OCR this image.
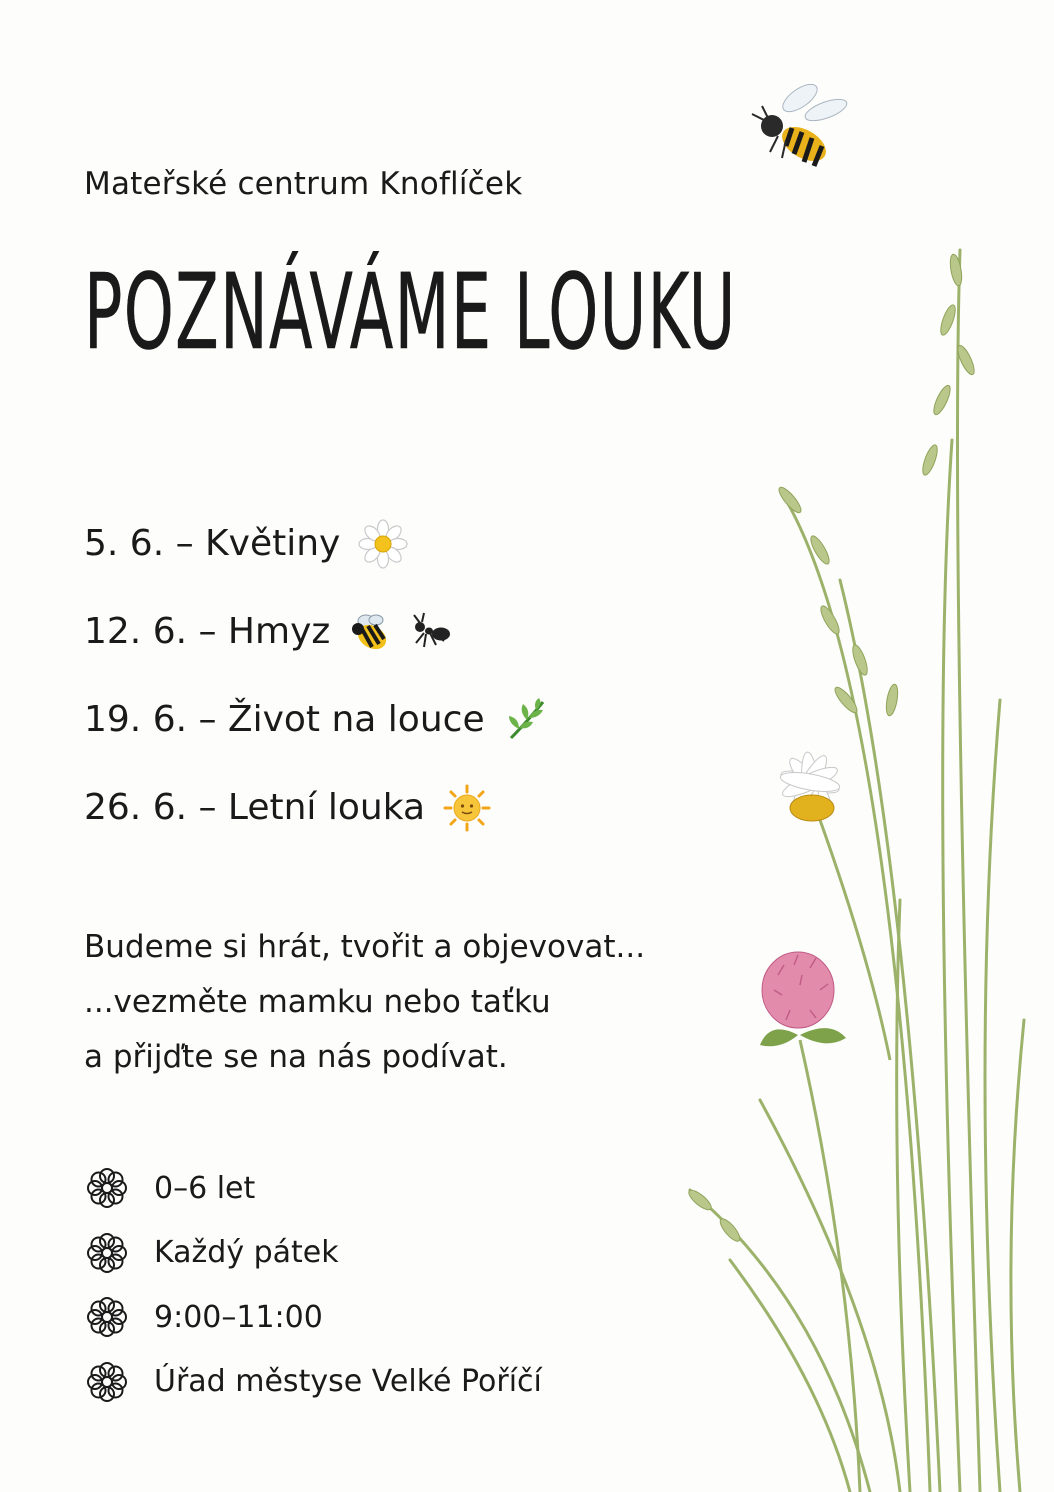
Mateřské centrum Knoflíček

POZNÁVÁME LOUKU
5. 6. – Květiny
12. 6. – Hmyz
19. 6. – Život na louce
26. 6. – Letní louka

Budeme si hrát, tvořit a objevovat...
...vezměte mamku nebo taťku
a přijďte se na nás podívat.

0–6 let
Každý pátek
9:00–11:00
Úřad městyse Velké Poříčí
